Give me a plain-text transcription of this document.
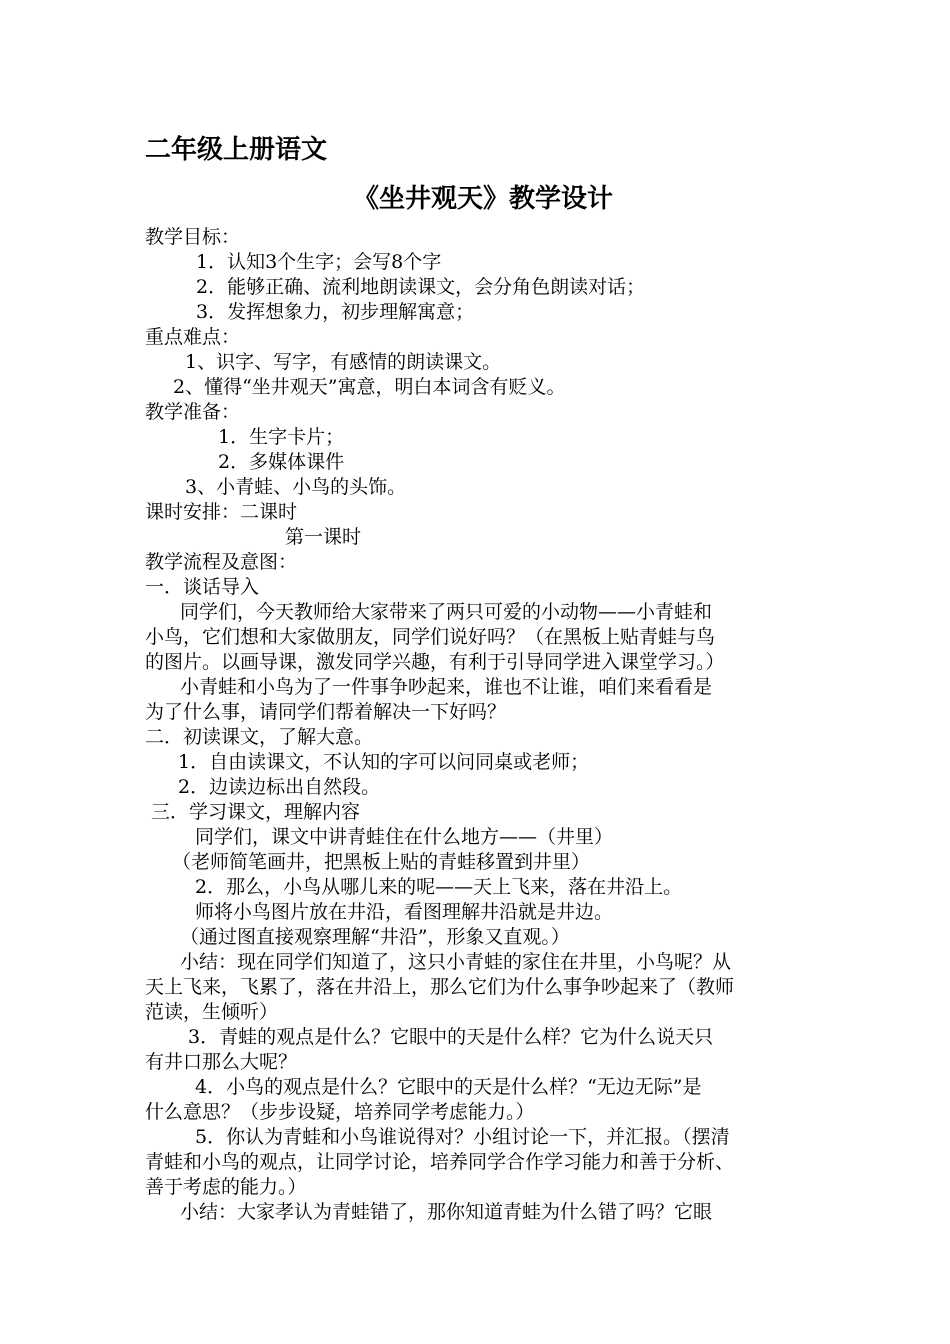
二年级上册语文
《坐井观天》教学设计
教学目标：
1．认知3个生字；会写8个字
2．能够正确、流利地朗读课文，会分角色朗读对话；
3．发挥想象力，初步理解寓意；
重点难点：
1、识字、写字，有感情的朗读课文。
2、懂得“坐井观天”寓意，明白本词含有贬义。
教学准备：
1．生字卡片；
2．多媒体课件
3、小青蛙、小鸟的头饰。
课时安排：二课时
第一课时
教学流程及意图：
一．谈话导入
同学们，今天教师给大家带来了两只可爱的小动物——小青蛙和
小鸟，它们想和大家做朋友，同学们说好吗？（在黑板上贴青蛙与鸟
的图片。以画导课，激发同学兴趣，有利于引导同学进入课堂学习。）
小青蛙和小鸟为了一件事争吵起来，谁也不让谁，咱们来看看是
为了什么事，请同学们帮着解决一下好吗？
二．初读课文，了解大意。
1．自由读课文，不认知的字可以问同桌或老师；
2．边读边标出自然段。
三．学习课文，理解内容
同学们，课文中讲青蛙住在什么地方——（井里）
（老师简笔画井，把黑板上贴的青蛙移置到井里）
2．那么，小鸟从哪儿来的呢——天上飞来，落在井沿上。
师将小鸟图片放在井沿，看图理解井沿就是井边。
（通过图直接观察理解“井沿”，形象又直观。）
小结：现在同学们知道了，这只小青蛙的家住在井里，小鸟呢？从
天上飞来，飞累了，落在井沿上，那么它们为什么事争吵起来了（教师
范读，生倾听）
3．青蛙的观点是什么？它眼中的天是什么样？它为什么说天只
有井口那么大呢？
4．小鸟的观点是什么？它眼中的天是什么样？“无边无际”是
什么意思？（步步设疑，培养同学考虑能力。）
5．你认为青蛙和小鸟谁说得对？小组讨论一下，并汇报。（摆清
青蛙和小鸟的观点，让同学讨论，培养同学合作学习能力和善于分析、
善于考虑的能力。）
小结：大家孝认为青蛙错了，那你知道青蛙为什么错了吗？它眼
